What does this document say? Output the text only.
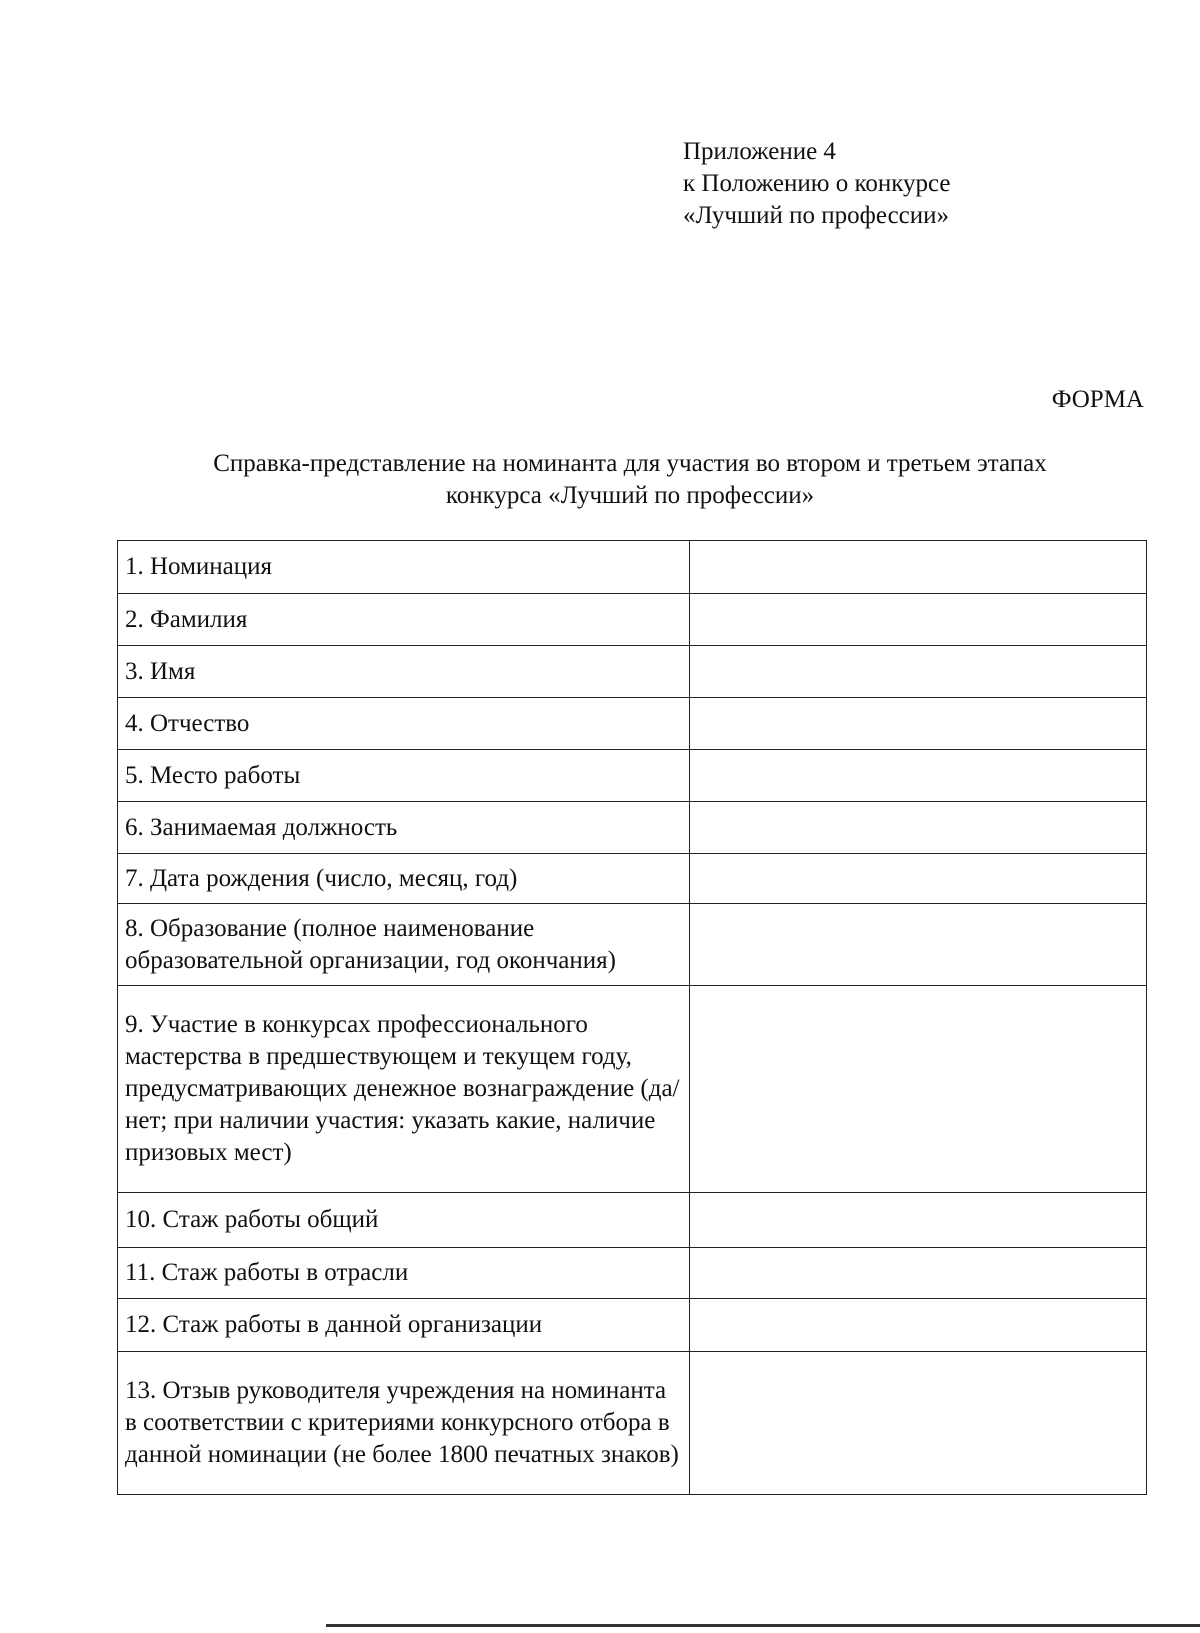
Приложение 4
к Положению о конкурсе
«Лучший по профессии»
ФОРМА
Справка-представление на номинанта для участия во втором и третьем этапах
конкурса «Лучший по профессии»
1. Номинация	
2. Фамилия	
3. Имя	
4. Отчество	
5. Место работы	
6. Занимаемая должность	
7. Дата рождения (число, месяц, год)	
8. Образование (полное наименование образовательной организации, год окончания)	
9. Участие в конкурсах профессионального мастерства в предшествующем и текущем году, предусматривающих денежное вознаграждение (да/нет; при наличии участия: указать какие, наличие призовых мест)	
10. Стаж работы общий	
11. Стаж работы в отрасли	
12. Стаж работы в данной организации	
13. Отзыв руководителя учреждения на номинанта в соответствии с критериями конкурсного отбора в данной номинации (не более 1800 печатных знаков)	
